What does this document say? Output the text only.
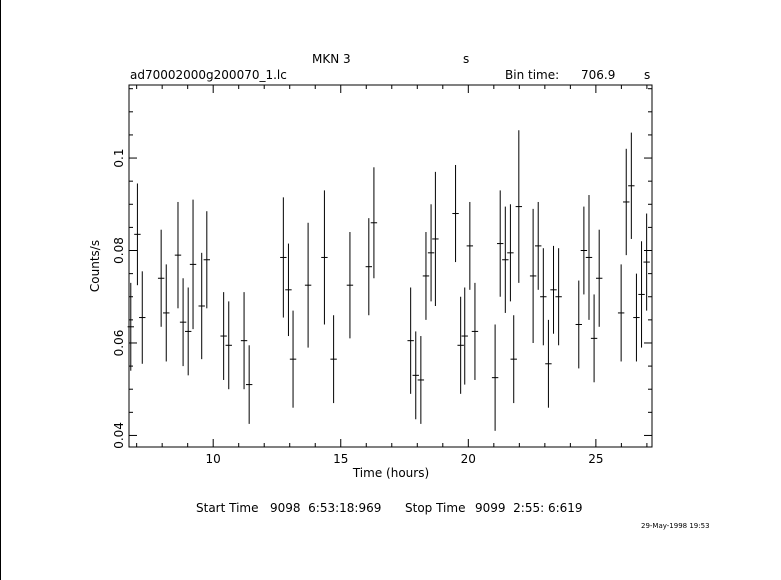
MKN 3	s
ad70002000g200070_1.lc	Bin time: 706.9 s
10	15	20	25
0.04
0.06
0.08
0.1
Time (hours)
Counts/s
Start Time 9098  6:53:18:969 Stop Time 9099  2:55: 6:619
29-May-1998 19:53
